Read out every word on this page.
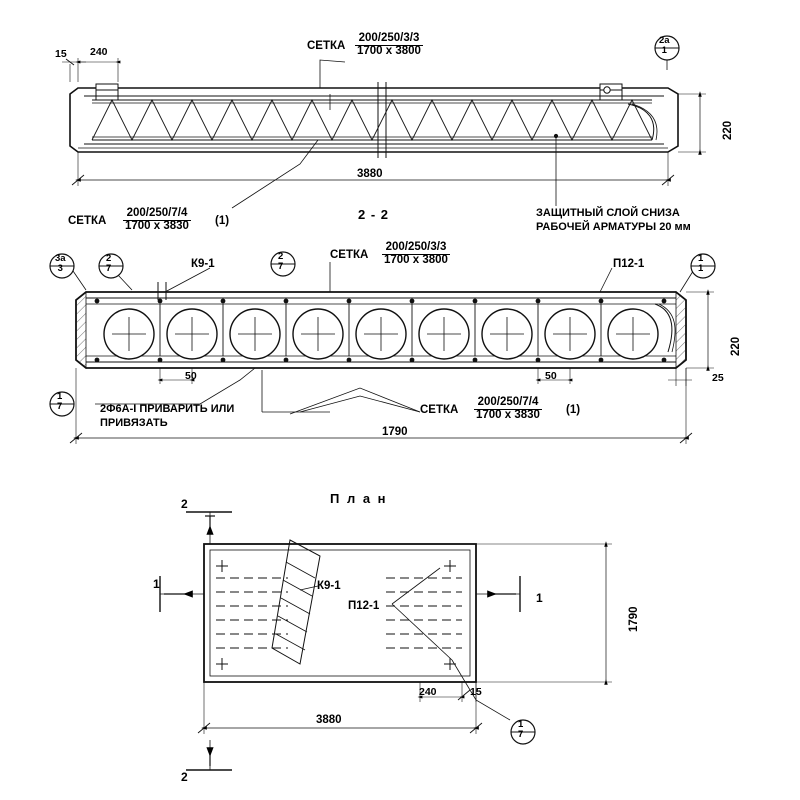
СЕТКА $\frac{200/250/3/3}{1700 x 3800}$
15 240
3880
220
2а
1
СЕТКА $\frac{200/250/7/4}{1700 x 3830} (1)$	2 - 2	ЗАЩИТНЫЙ СЛОЙ СНИЗА
РАБОЧЕЙ АРМАТУРЫ 20 мм
К9-1
СЕТКА $\frac{200/250/3/3}{1700 x 3800}$	П12-1
3а
3
2
7
2
7
1
1
1
7
1
7
220
50	50	25
1790
2Ф6А-I ПРИВАРИТЬ ИЛИ
ПРИВЯЗАТЬ
СЕТКА $\frac{200/250/7/4}{1700 x 3830} (1)$
П л а н
К9-1
П12-1
1790
3880
240	15
2
2
1
1
